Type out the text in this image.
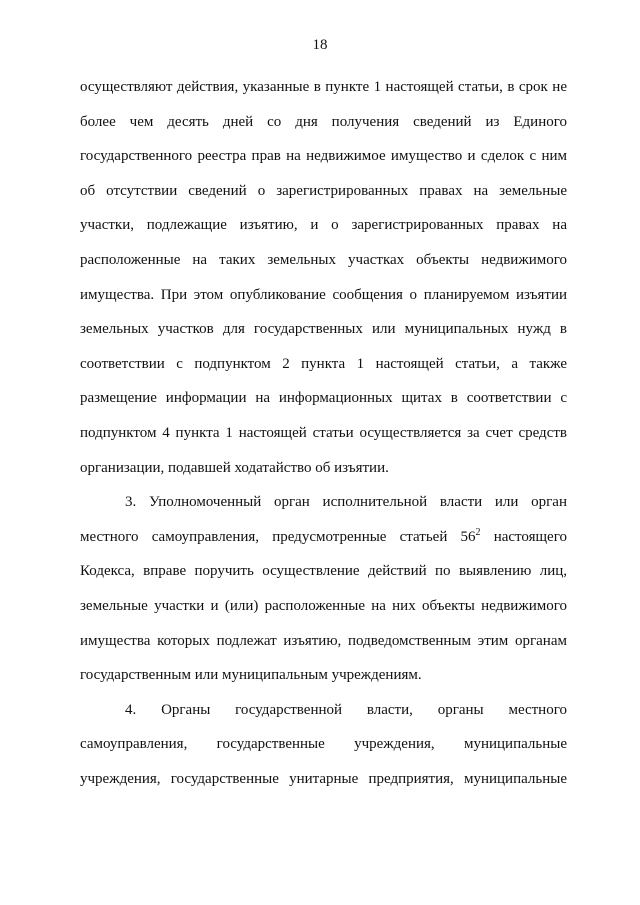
18
осуществляют действия, указанные в пункте 1 настоящей статьи, в срок не
более чем десять дней со дня получения сведений из Единого
государственного реестра прав на недвижимое имущество и сделок с ним
об отсутствии сведений о зарегистрированных правах на земельные
участки, подлежащие изъятию, и о зарегистрированных правах на
расположенные на таких земельных участках объекты недвижимого
имущества. При этом опубликование сообщения о планируемом изъятии
земельных участков для государственных или муниципальных нужд в
соответствии с подпунктом 2 пункта 1 настоящей статьи, а также
размещение информации на информационных щитах в соответствии с
подпунктом 4 пункта 1 настоящей статьи осуществляется за счет средств
организации, подавшей ходатайство об изъятии.
3. Уполномоченный орган исполнительной власти или орган
местного самоуправления, предусмотренные статьей $56^2$ настоящего
Кодекса, вправе поручить осуществление действий по выявлению лиц,
земельные участки и (или) расположенные на них объекты недвижимого
имущества которых подлежат изъятию, подведомственным этим органам
государственным или муниципальным учреждениям.
4. Органы государственной власти, органы местного
самоуправления, государственные учреждения, муниципальные
учреждения, государственные унитарные предприятия, муниципальные
